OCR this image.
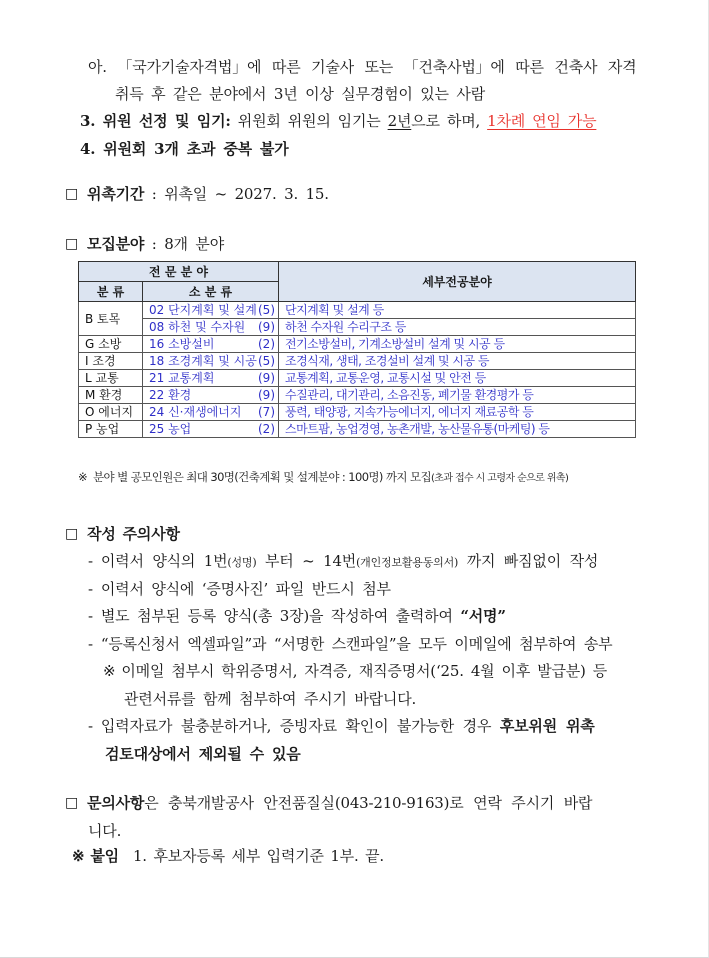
아. 「국가기술자격법」에 따른 기술사 또는 「건축사법」에 따른 건축사 자격
취득 후 같은 분야에서 3년 이상 실무경험이 있는 사람
3. 위원 선정 및 임기: 위원회 위원의 임기는 2년으로 하며, 1차례 연임 가능
4. 위원회 3개 초과 중복 불가
□ 위촉기간 : 위촉일 ~ 2027. 3. 15.
□ 모집분야 : 8개 분야
전 문 분 야		세부전공분야
분 류	소 분 류	
B 토목	02 단지계획 및 설계 (5)	단지계획 및 설계 등

	08 하천 및 수자원 (9)	하천 수자원 수리구조 등
G 소방	16 소방설비 (2)	전기소방설비, 기계소방설비 설계 및 시공 등
I 조경	18 조경계획 및 시공 (5)	조경식재, 생태, 조경설비 설계 및 시공 등
L 교통	21 교통계획 (9)	교통계획, 교통운영, 교통시설 및 안전 등
M 환경	22 환경 (9)	수질관리, 대기관리, 소음진동, 폐기물 환경평가 등
O 에너지	24 신·재생에너지 (7)	풍력, 태양광, 지속가능에너지, 에너지 재료공학 등
P 농업	25 농업 (2)	스마트팜, 농업경영, 농촌개발, 농산물유통(마케팅) 등
※ 분야 별 공모인원은 최대 30명(건축계획 및 설계분야 : 100명) 까지 모집(초과 접수 시 고령자 순으로 위촉)
□ 작성 주의사항
- 이력서 양식의 1번(성명) 부터 ~ 14번(개인정보활용동의서) 까지 빠짐없이 작성
- 이력서 양식에 ‘증명사진’ 파일 반드시 첨부
- 별도 첨부된 등록 양식(총 3장)을 작성하여 출력하여 “서명”
- “등록신청서 엑셀파일”과 “서명한 스캔파일”을 모두 이메일에 첨부하여 송부
※ 이메일 첨부시 학위증명서, 자격증, 재직증명서(‘25. 4월 이후 발급분) 등
관련서류를 함께 첨부하여 주시기 바랍니다.
- 입력자료가 불충분하거나, 증빙자료 확인이 불가능한 경우 후보위원 위촉
검토대상에서 제외될 수 있음
□ 문의사항은 충북개발공사 안전품질실(043-210-9163)로 연락 주시기 바랍
니다.
※ 붙임 1. 후보자등록 세부 입력기준 1부. 끝.
